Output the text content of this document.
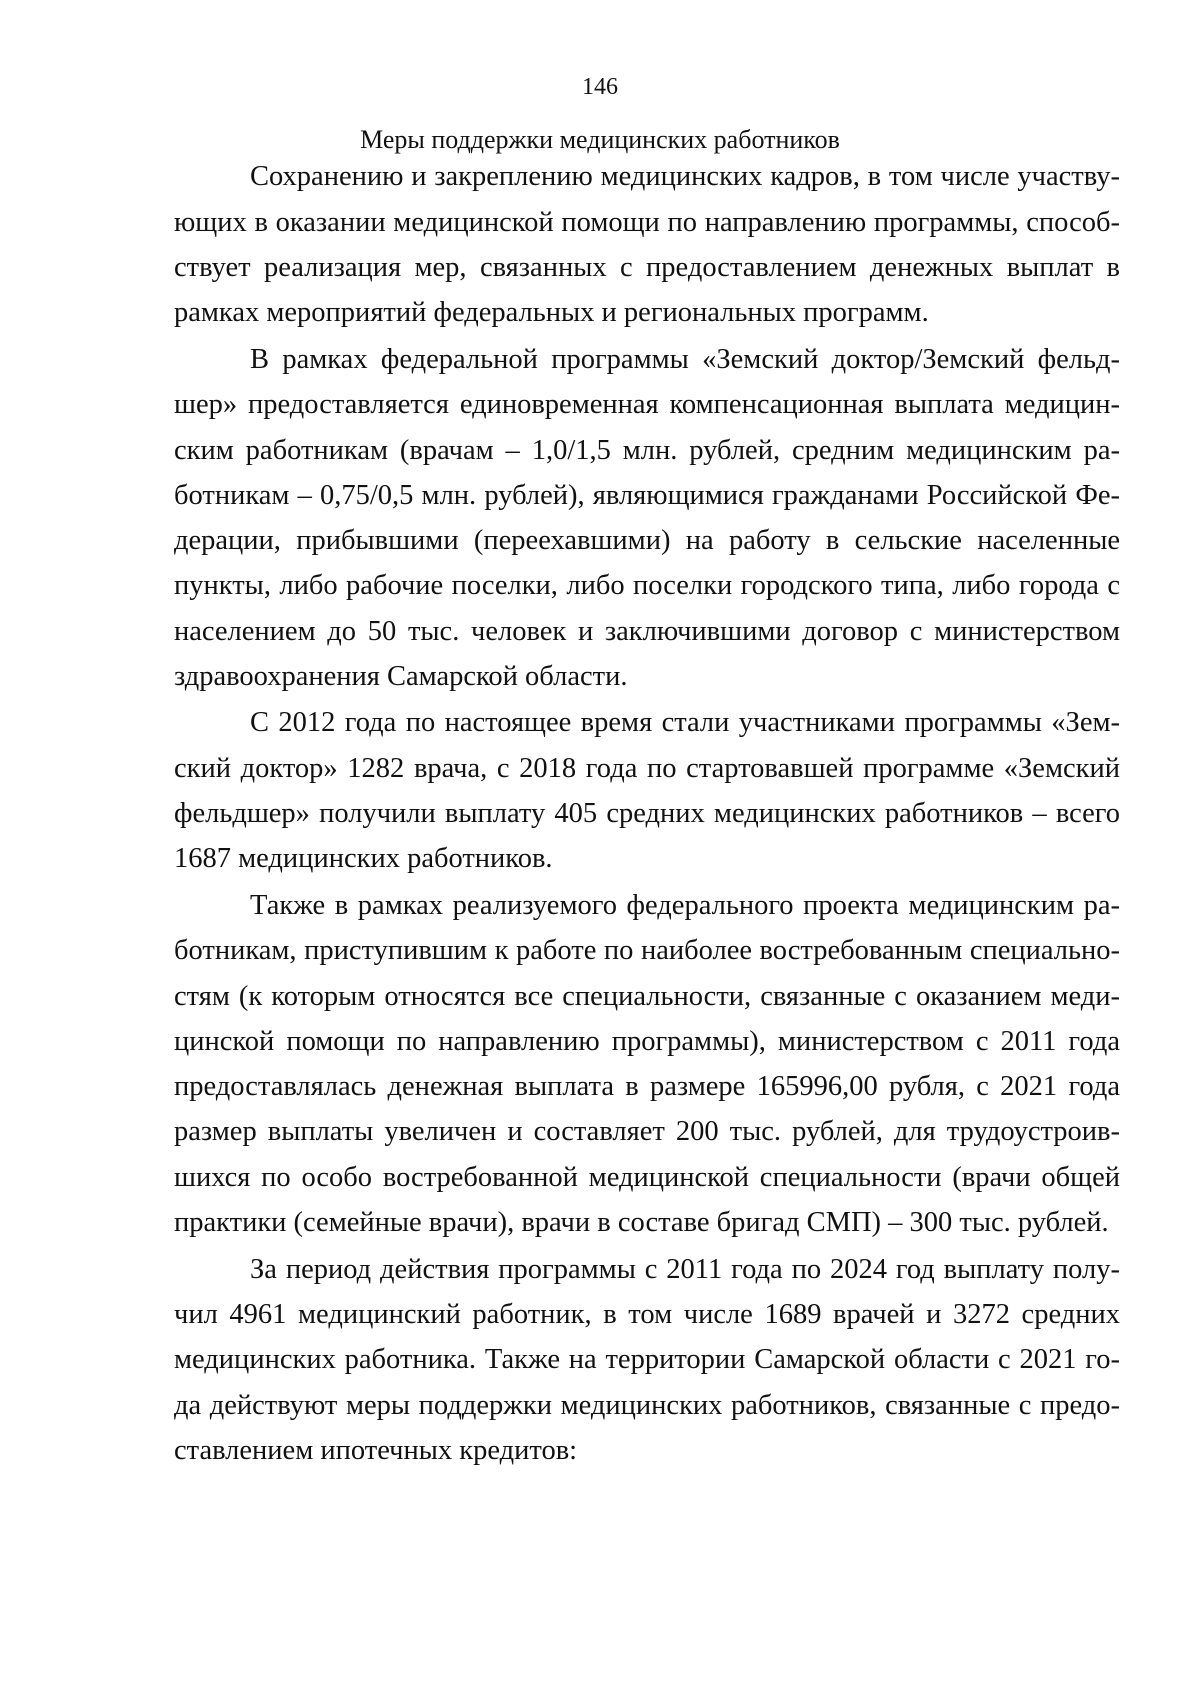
146
Меры поддержки медицинских работников
Сохранению и закреплению медицинских кадров, в том числе участву-
ющих в оказании медицинской помощи по направлению программы, способ-
ствует реализация мер, связанных с предоставлением денежных выплат в
рамках мероприятий федеральных и региональных программ.
В рамках федеральной программы «Земский доктор/Земский фельд-
шер» предоставляется единовременная компенсационная выплата медицин-
ским работникам (врачам – 1,0/1,5 млн. рублей, средним медицинским ра-
ботникам – 0,75/0,5 млн. рублей), являющимися гражданами Российской Фе-
дерации, прибывшими (переехавшими) на работу в сельские населенные
пункты, либо рабочие поселки, либо поселки городского типа, либо города с
населением до 50 тыс. человек и заключившими договор с министерством
здравоохранения Самарской области.
С 2012 года по настоящее время стали участниками программы «Зем-
ский доктор» 1282 врача, с 2018 года по стартовавшей программе «Земский
фельдшер» получили выплату 405 средних медицинских работников – всего
1687 медицинских работников.
Также в рамках реализуемого федерального проекта медицинским ра-
ботникам, приступившим к работе по наиболее востребованным специально-
стям (к которым относятся все специальности, связанные с оказанием меди-
цинской помощи по направлению программы), министерством с 2011 года
предоставлялась денежная выплата в размере 165996,00 рубля, с 2021 года
размер выплаты увеличен и составляет 200 тыс. рублей, для трудоустроив-
шихся по особо востребованной медицинской специальности (врачи общей
практики (семейные врачи), врачи в составе бригад СМП) – 300 тыс. рублей.
За период действия программы с 2011 года по 2024 год выплату полу-
чил 4961 медицинский работник, в том числе 1689 врачей и 3272 средних
медицинских работника. Также на территории Самарской области с 2021 го-
да действуют меры поддержки медицинских работников, связанные с предо-
ставлением ипотечных кредитов:
